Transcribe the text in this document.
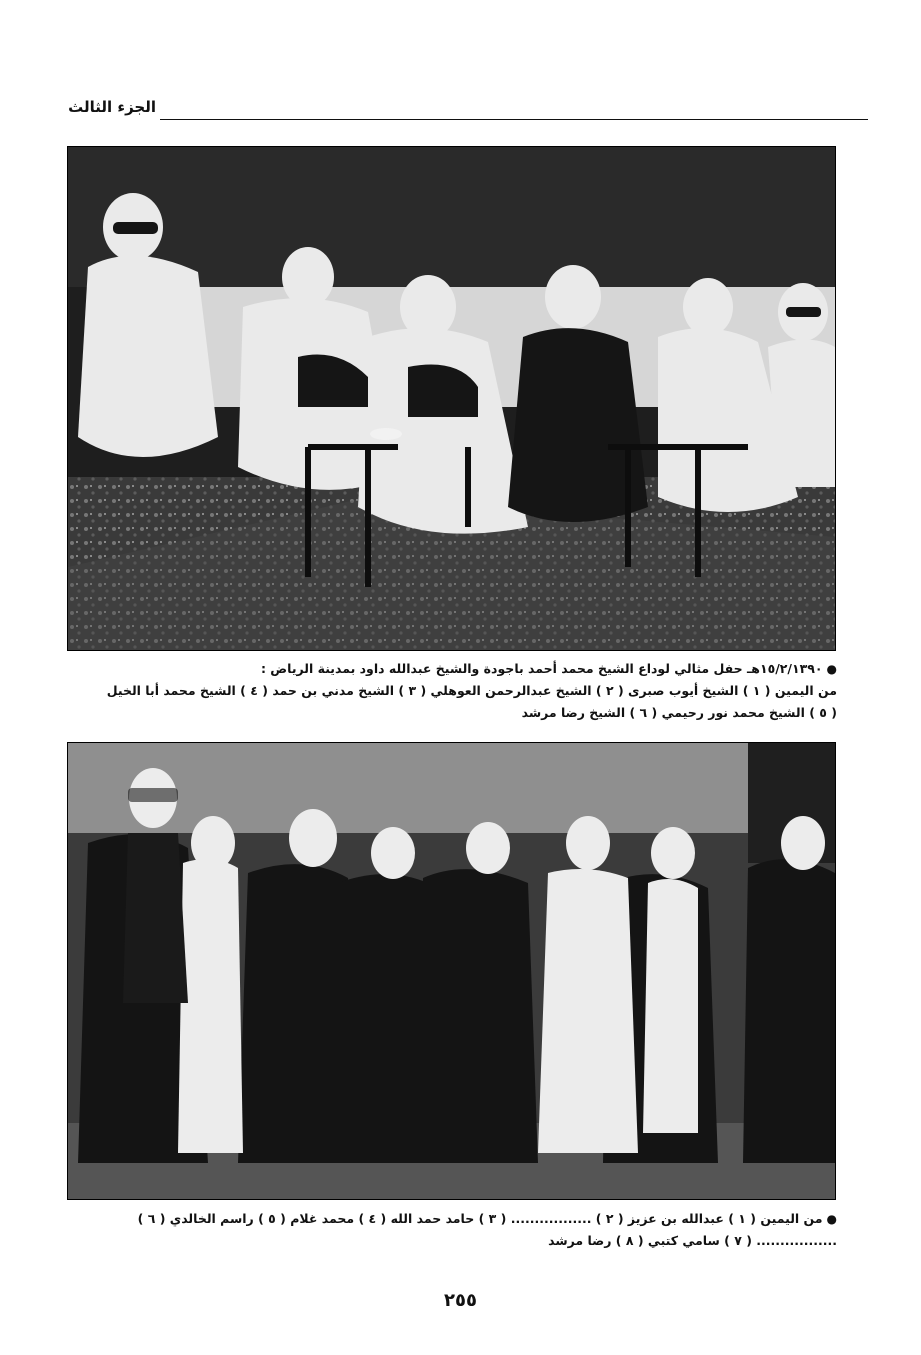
الجزء الثالث
●١٥/٢/١٣٩٠هـ حفل مثالي لوداع الشيخ محمد أحمد باجودة والشيخ عبدالله داود بمدينة الرياض :
من اليمين ( ١ ) الشيخ أيوب صبرى ( ٢ ) الشيخ عبدالرحمن العوهلي ( ٣ ) الشيخ مدني بن حمد ( ٤ ) الشيخ محمد أبا الخيل
( ٥ ) الشيخ محمد نور رحيمي ( ٦ ) الشيخ رضا مرشد
●من اليمين ( ١ ) عبدالله بن عزيز ( ٢ ) ................. ( ٣ ) حامد حمد الله ( ٤ ) محمد غلام ( ٥ ) راسم الخالدي ( ٦ )
................. ( ٧ ) سامي كتبي ( ٨ ) رضا مرشد
٢٥٥
